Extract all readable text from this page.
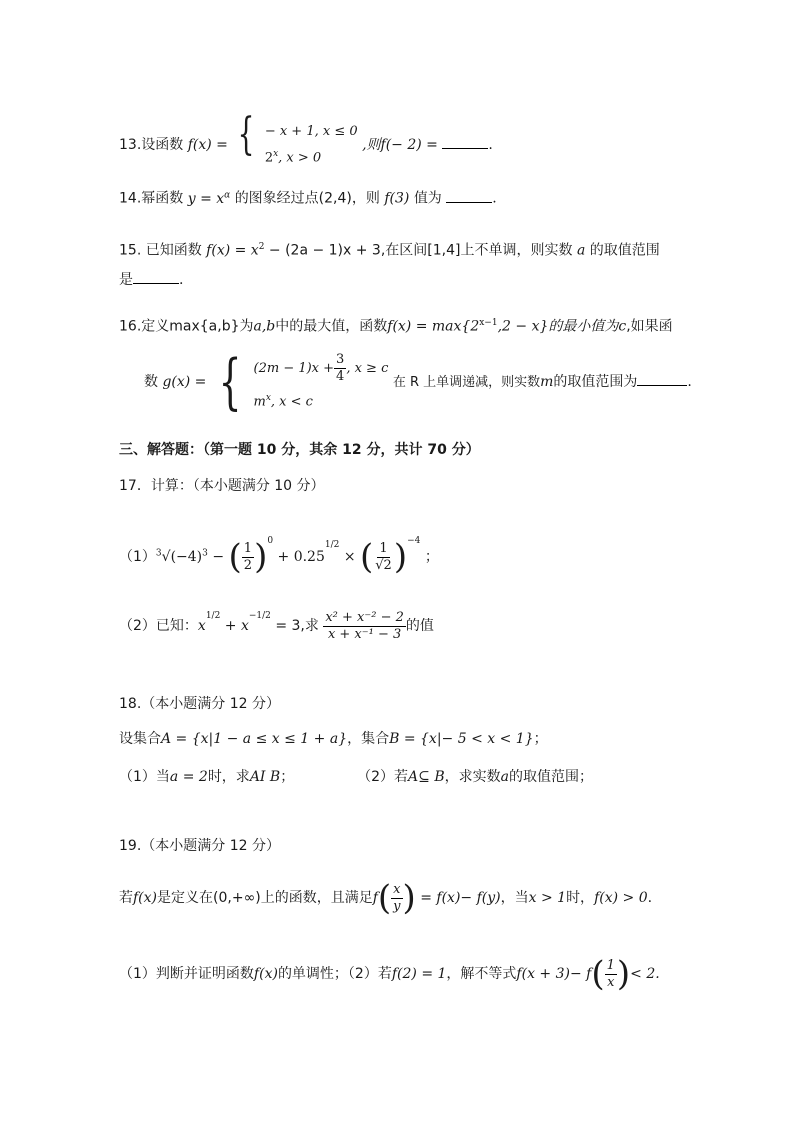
13.设函数 f(x) = { − x + 1, x ≤ 0
2$^x$, x > 0
,则f(− 2) =	.
14.幂函数 $y = x^\alpha$ 的图象经过点(2,4)，则 f(3) 值为	.
15. 已知函数 $f(x) = x^2 - (2a - 1)x + 3$,在区间[1,4]上不单调，则实数 a 的取值范围
是	.
16.定义max{a,b}为a,b中的最大值，函数$f(x) = \max\{2^{x-1},2 - x\}$的最小值为c,如果函
数 g(x) = { $(2m - 1)x + \frac{3}{4}$ , x ≥ c
$m^x$, x < c
在 R 上单调递减，则实数m的取值范围为	.
三、解答题：（第一题 10 分，其余 12 分，共计 70 分）
17．计算：（本小题满分 10 分）
$(1)^3√(-4)^3$ − ( $\frac{1}{2} )^0 + 0.25^{1/2}$ × ( $\frac{1}{√2} )^{-4}$ ；
（2）已知：$x^{1/2} + x^{-1/2} = 3$,求 $\frac{\text{x² + x⁻² − 2}}{\text{x + x⁻¹ − 3}}$ 的值
18.（本小题满分 12 分）
设集合A = {x|1 − a ≤ x ≤ 1 + a}，集合B = {x|− 5 < x < 1}；
（1）当a = 2时，求AI B；	（2）若A⊆ B，求实数a的取值范围；
19.（本小题满分 12 分）
若f(x)是定义在(0,+∞)上的函数，且满足$f( \frac{x}{y}$ ) = f(x)− f(y)，当x > 1时，f(x) > 0.
（1）判断并证明函数f(x)的单调性；（2）若f(2) = 1，解不等式$f(x + 3)- f( \frac{1}{x}$ )< 2.
